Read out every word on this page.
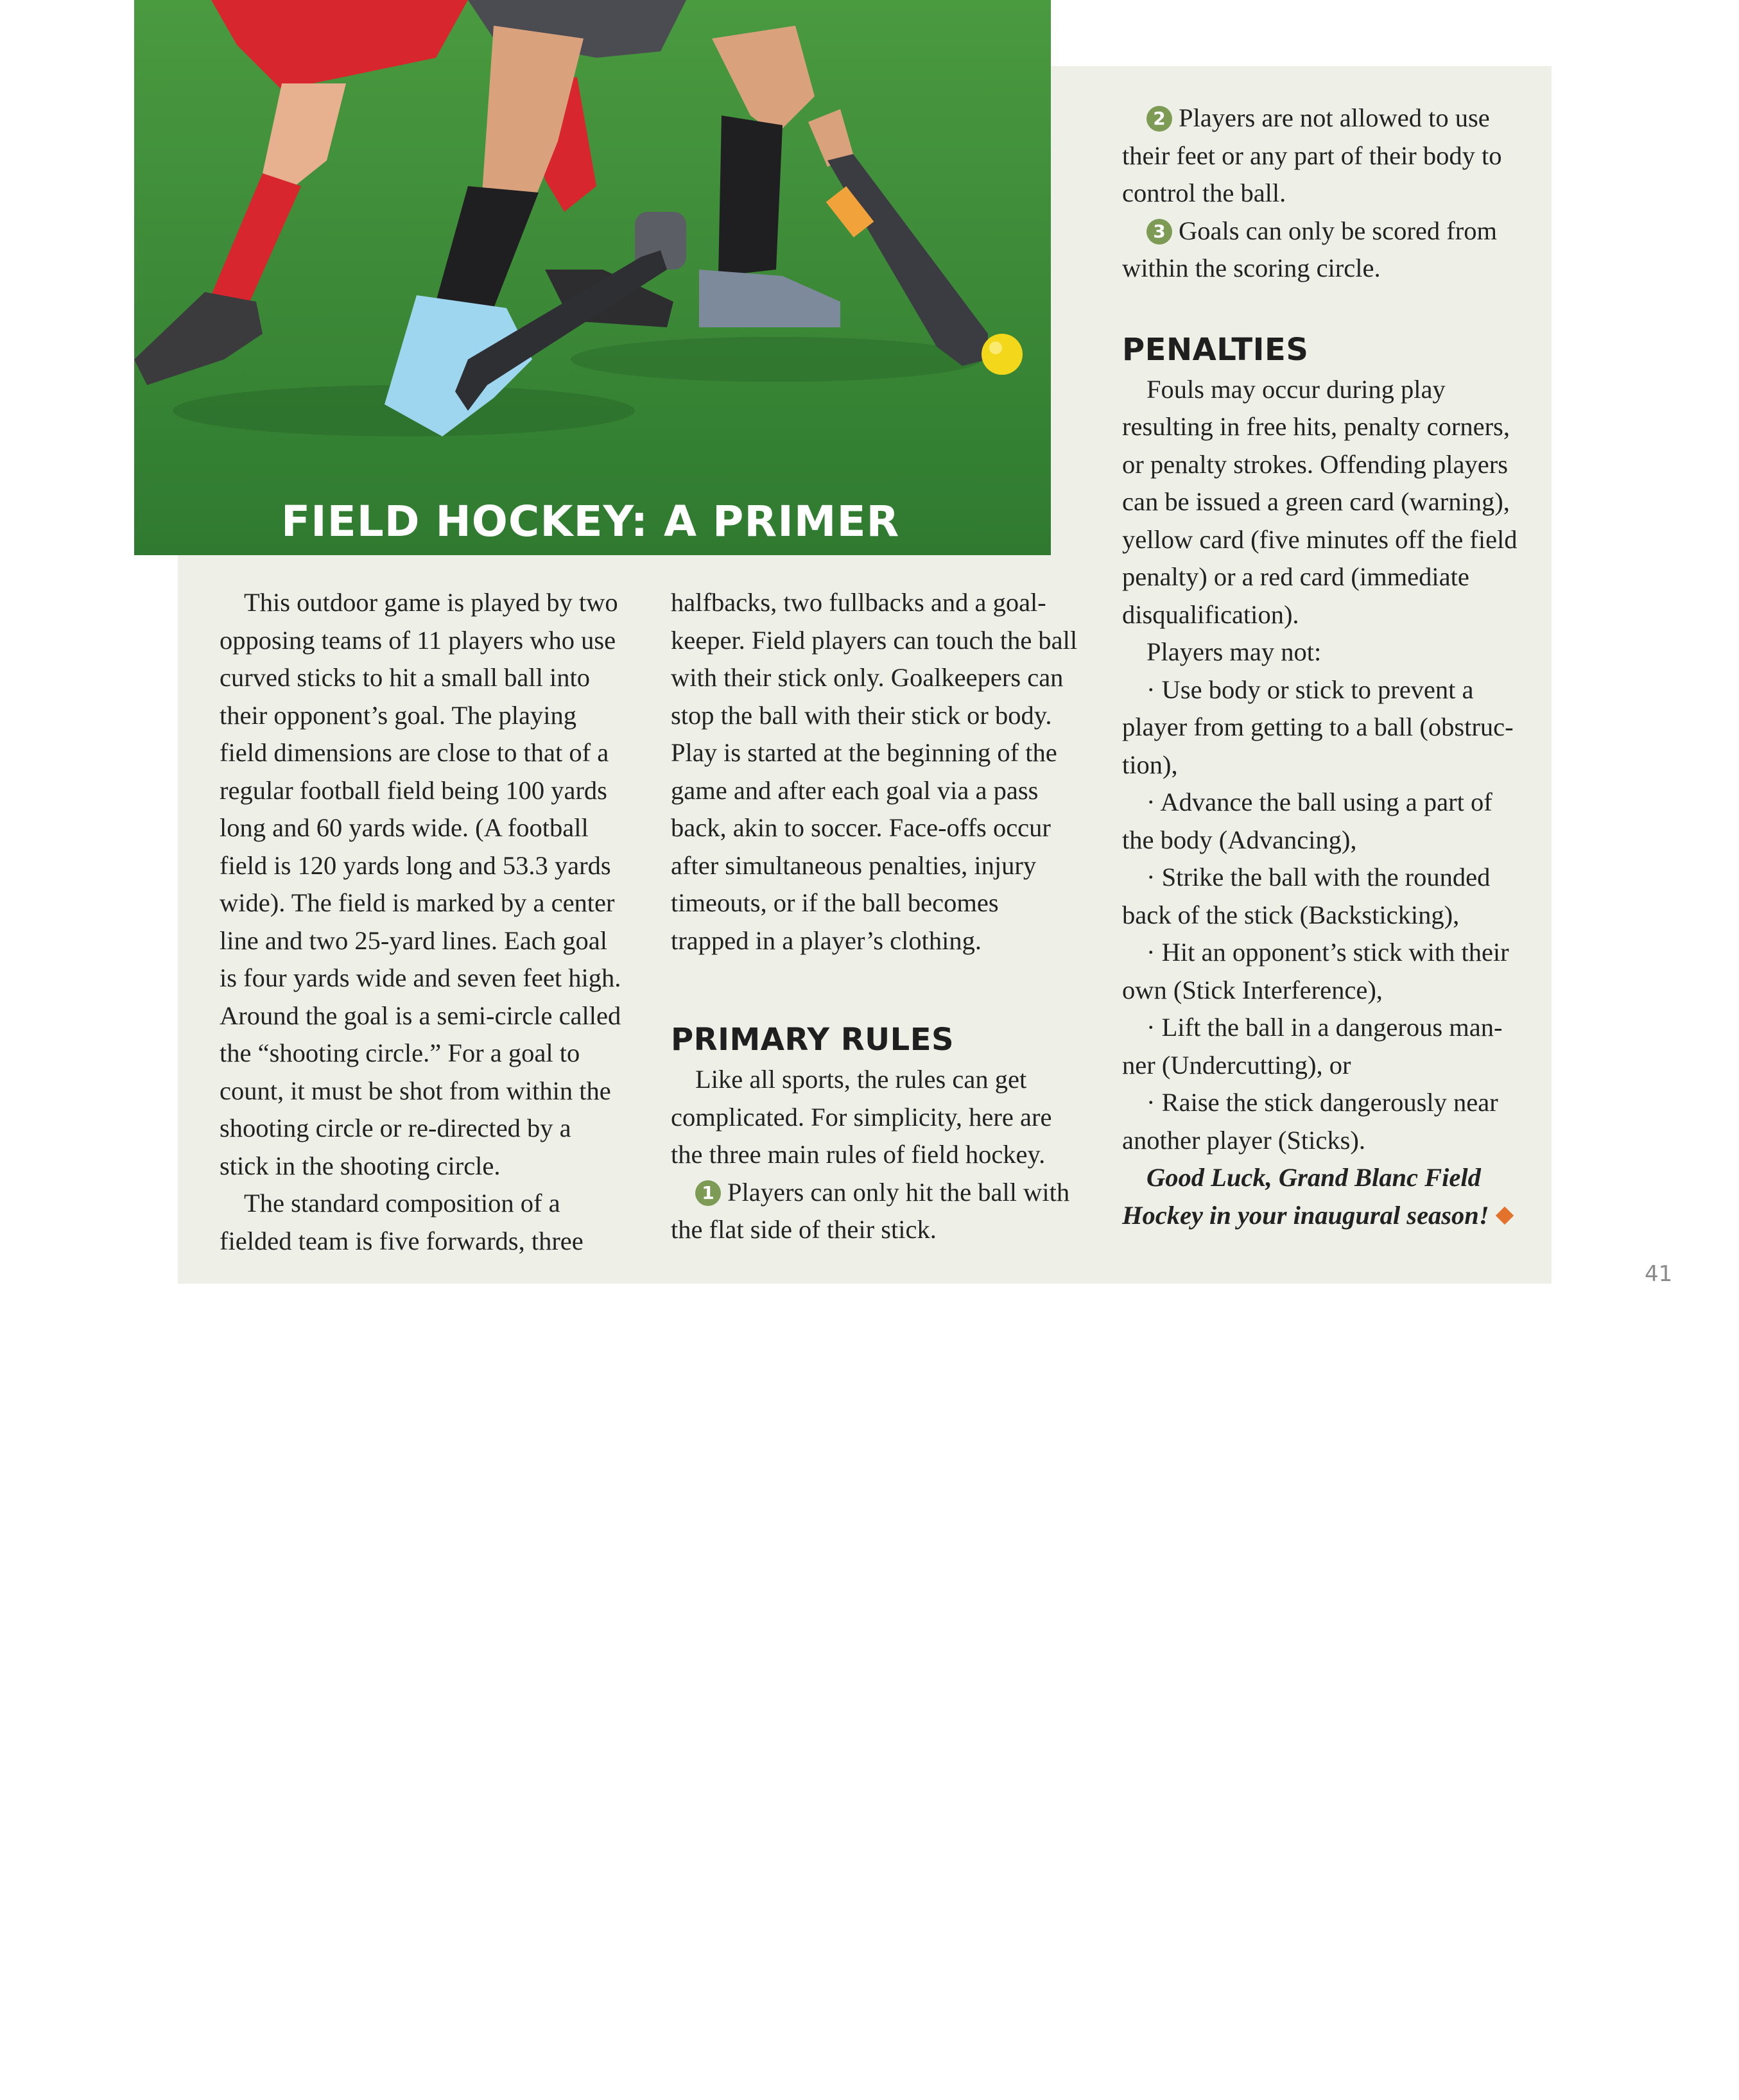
FIELD HOCKEY: A PRIMER

This outdoor game is played by two opposing teams of 11 players who use curved sticks to hit a small ball into their opponent’s goal. The playing field dimensions are close to that of a regular football field being 100 yards long and 60 yards wide. (A football field is 120 yards long and 53.3 yards wide). The field is marked by a center line and two 25-yard lines. Each goal is four yards wide and seven feet high. Around the goal is a semi-circle called the “shooting circle.” For a goal to count, it must be shot from within the shooting circle or re-directed by a stick in the shooting circle.

The standard composition of a fielded team is five forwards, three

halfbacks, two fullbacks and a goal-keeper. Field players can touch the ball with their stick only. Goalkeepers can stop the ball with their stick or body. Play is started at the beginning of the game and after each goal via a pass back, akin to soccer. Face-offs occur after simultaneous penalties, injury timeouts, or if the ball becomes trapped in a player’s clothing.

PRIMARY RULES

Like all sports, the rules can get complicated. For simplicity, here are the three main rules of field hockey.

1 Players can only hit the ball with the flat side of their stick.

2 Players are not allowed to use their feet or any part of their body to control the ball.

3 Goals can only be scored from within the scoring circle.

PENALTIES

Fouls may occur during play resulting in free hits, penalty corners, or penalty strokes. Offending players can be issued a green card (warning), yellow card (five minutes off the field penalty) or a red card (immediate disqualification).

Players may not:

· Use body or stick to prevent a player from getting to a ball (obstruc-tion),

· Advance the ball using a part of the body (Advancing),

· Strike the ball with the rounded back of the stick (Backsticking),

· Hit an opponent’s stick with their own (Stick Interference),

· Lift the ball in a dangerous man-ner (Undercutting), or

· Raise the stick dangerously near another player (Sticks).

Good Luck, Grand Blanc Field Hockey in your inaugural season!

41
